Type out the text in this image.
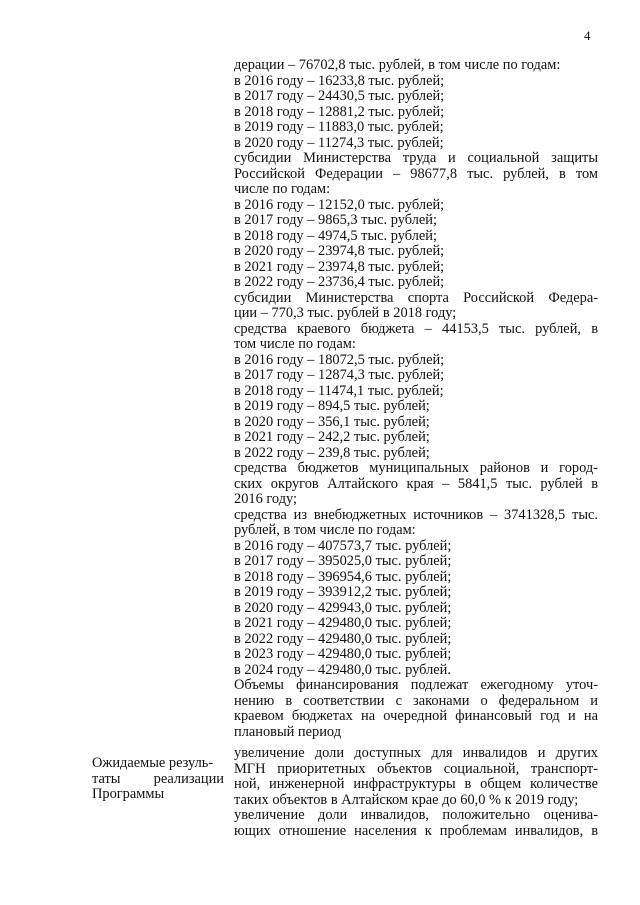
4
дерации – 76702,8 тыс. рублей, в том числе по годам:
в 2016 году – 16233,8 тыс. рублей;
в 2017 году – 24430,5 тыс. рублей;
в 2018 году – 12881,2 тыс. рублей;
в 2019 году – 11883,0 тыс. рублей;
в 2020 году – 11274,3 тыс. рублей;
субсидии Министерства труда и социальной защиты
Российской Федерации – 98677,8 тыс. рублей, в том
числе по годам:
в 2016 году – 12152,0 тыс. рублей;
в 2017 году – 9865,3 тыс. рублей;
в 2018 году – 4974,5 тыс. рублей;
в 2020 году – 23974,8 тыс. рублей;
в 2021 году – 23974,8 тыс. рублей;
в 2022 году – 23736,4 тыс. рублей;
субсидии Министерства спорта Российской Федера-
ции – 770,3 тыс. рублей в 2018 году;
средства краевого бюджета – 44153,5 тыс. рублей, в
том числе по годам:
в 2016 году – 18072,5 тыс. рублей;
в 2017 году – 12874,3 тыс. рублей;
в 2018 году – 11474,1 тыс. рублей;
в 2019 году – 894,5 тыс. рублей;
в 2020 году – 356,1 тыс. рублей;
в 2021 году – 242,2 тыс. рублей;
в 2022 году – 239,8 тыс. рублей;
средства бюджетов муниципальных районов и город-
ских округов Алтайского края – 5841,5 тыс. рублей в
2016 году;
средства из внебюджетных источников – 3741328,5 тыс.
рублей, в том числе по годам:
в 2016 году – 407573,7 тыс. рублей;
в 2017 году – 395025,0 тыс. рублей;
в 2018 году – 396954,6 тыс. рублей;
в 2019 году – 393912,2 тыс. рублей;
в 2020 году – 429943,0 тыс. рублей;
в 2021 году – 429480,0 тыс. рублей;
в 2022 году – 429480,0 тыс. рублей;
в 2023 году – 429480,0 тыс. рублей;
в 2024 году – 429480,0 тыс. рублей.
Объемы финансирования подлежат ежегодному уточ-
нению в соответствии с законами о федеральном и
краевом бюджетах на очередной финансовый год и на
плановый период
увеличение доли доступных для инвалидов и других
МГН приоритетных объектов социальной, транспорт-
ной, инженерной инфраструктуры в общем количестве
таких объектов в Алтайском крае до 60,0 % к 2019 году;
увеличение доли инвалидов, положительно оценива-
ющих отношение населения к проблемам инвалидов, в
Ожидаемые резуль-
таты реализации
Программы
